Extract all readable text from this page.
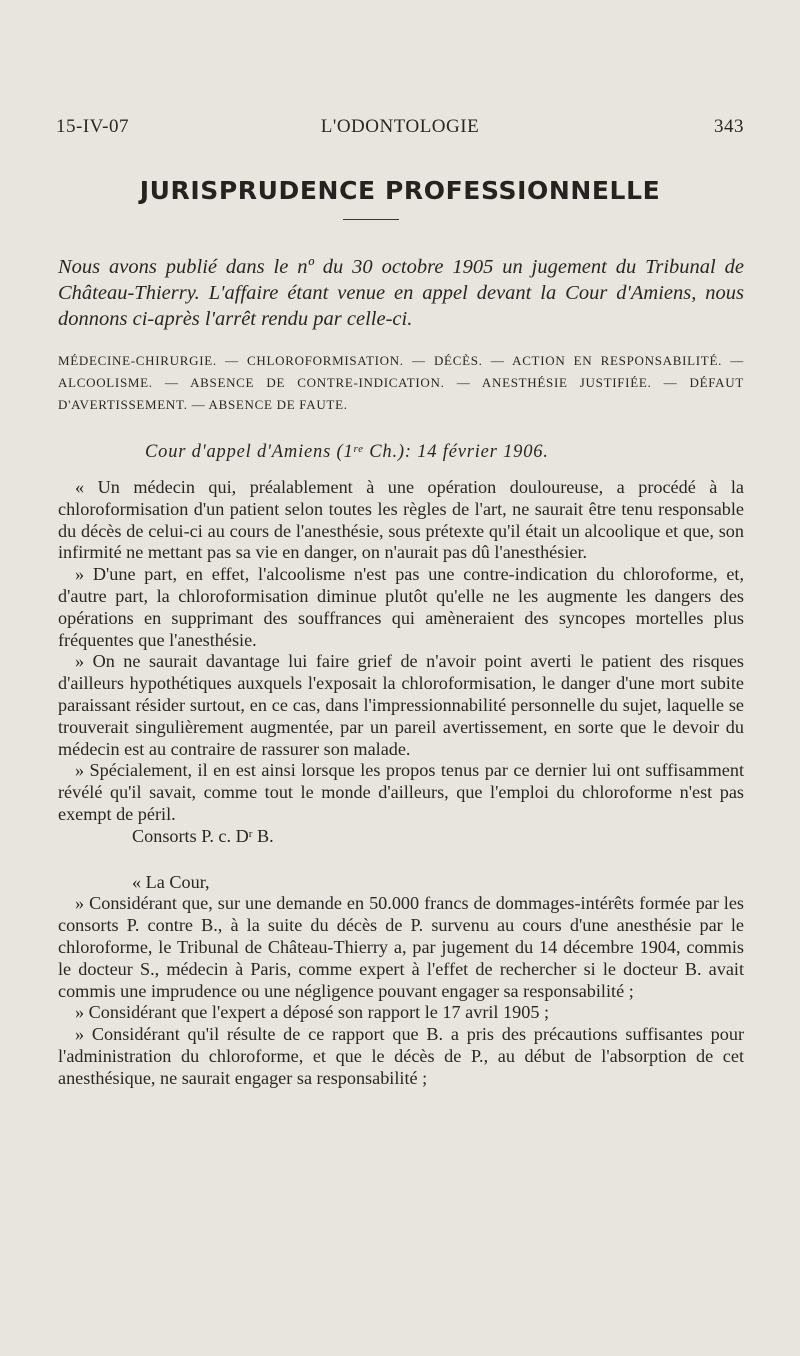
15-IV-07	L'ODONTOLOGIE	343
JURISPRUDENCE PROFESSIONNELLE
Nous avons publié dans le nº du 30 octobre 1905 un jugement du Tribunal de Château-Thierry. L'affaire étant venue en appel devant la Cour d'Amiens, nous donnons ci-après l'arrêt rendu par celle-ci.
MÉDECINE-CHIRURGIE. — CHLOROFORMISATION. — DÉCÈS. — ACTION EN RESPONSABILITÉ. — ALCOOLISME. — ABSENCE DE CONTRE-INDICATION. — ANESTHÉSIE JUSTIFIÉE. — DÉFAUT D'AVERTISSEMENT. — ABSENCE DE FAUTE.
Cour d'appel d'Amiens (1re Ch.): 14 février 1906.

« Un médecin qui, préalablement à une opération douloureuse, a procédé à la chloroformisation d'un patient selon toutes les règles de l'art, ne saurait être tenu responsable du décès de celui-ci au cours de l'anesthésie, sous prétexte qu'il était un alcoolique et que, son infirmité ne mettant pas sa vie en danger, on n'aurait pas dû l'anesthésier.

» D'une part, en effet, l'alcoolisme n'est pas une contre-indication du chloroforme, et, d'autre part, la chloroformisation diminue plutôt qu'elle ne les augmente les dangers des opérations en supprimant des souffrances qui amèneraient des syncopes mortelles plus fréquentes que l'anesthésie.

» On ne saurait davantage lui faire grief de n'avoir point averti le patient des risques d'ailleurs hypothétiques auxquels l'exposait la chloroformisation, le danger d'une mort subite paraissant résider surtout, en ce cas, dans l'impressionnabilité personnelle du sujet, laquelle se trouverait singulièrement augmentée, par un pareil avertissement, en sorte que le devoir du médecin est au contraire de rassurer son malade.

» Spécialement, il en est ainsi lorsque les propos tenus par ce dernier lui ont suffisamment révélé qu'il savait, comme tout le monde d'ailleurs, que l'emploi du chloroforme n'est pas exempt de péril.

Consorts P. c. $D^r$ B.

« La Cour,

» Considérant que, sur une demande en 50.000 francs de dommages-intérêts formée par les consorts P. contre B., à la suite du décès de P. survenu au cours d'une anesthésie par le chloroforme, le Tribunal de Château-Thierry a, par jugement du 14 décembre 1904, commis le docteur S., médecin à Paris, comme expert à l'effet de rechercher si le docteur B. avait commis une imprudence ou une négligence pouvant engager sa responsabilité ;

» Considérant que l'expert a déposé son rapport le 17 avril 1905 ;

» Considérant qu'il résulte de ce rapport que B. a pris des précautions suffisantes pour l'administration du chloroforme, et que le décès de P., au début de l'absorption de cet anesthésique, ne saurait engager sa responsabilité ;
